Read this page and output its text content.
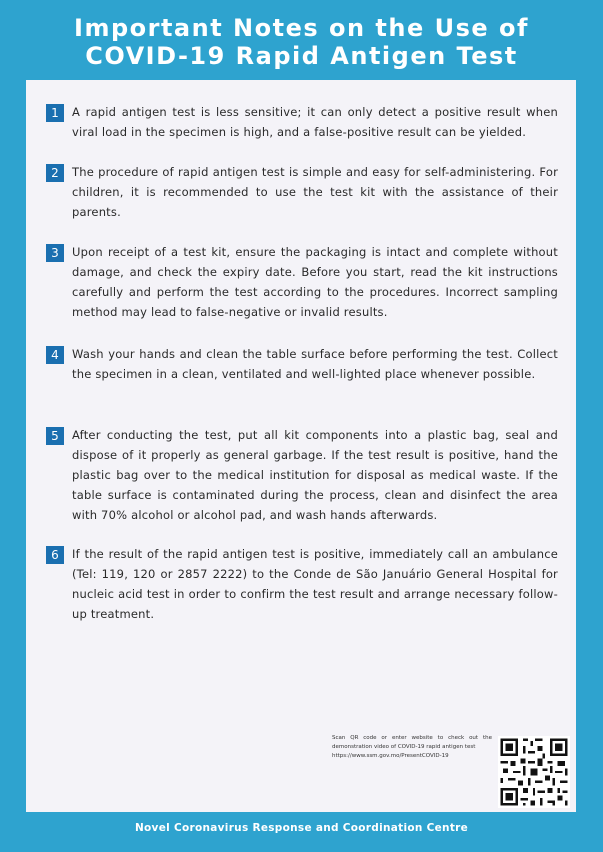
Important Notes on the Use of
COVID-19 Rapid Antigen Test
1	A rapid antigen test is less sensitive; it can only detect a positive result when viral load in the specimen is high, and a false-positive result can be yielded.
2	The procedure of rapid antigen test is simple and easy for self-administering. For children, it is recommended to use the test kit with the assistance of their parents.
3	Upon receipt of a test kit, ensure the packaging is intact and complete without damage, and check the expiry date. Before you start, read the kit instructions carefully and perform the test according to the procedures. Incorrect sampling method may lead to false-negative or invalid results.
4	Wash your hands and clean the table surface before performing the test. Collect the specimen in a clean, ventilated and well-lighted place whenever possible.
5	After conducting the test, put all kit components into a plastic bag, seal and dispose of it properly as general garbage. If the test result is positive, hand the plastic bag over to the medical institution for disposal as medical waste. If the table surface is contaminated during the process, clean and disinfect the area with 70% alcohol or alcohol pad, and wash hands afterwards.
6	If the result of the rapid antigen test is positive, immediately call an ambulance (Tel: 119, 120 or 2857 2222) to the Conde de São Januário General Hospital for nucleic acid test in order to confirm the test result and arrange necessary follow-up treatment.
Scan QR code or enter website to check out the demonstration video of COVID-19 rapid antigen test
https://www.ssm.gov.mo/PresentCOVID-19
Novel Coronavirus Response and Coordination Centre
